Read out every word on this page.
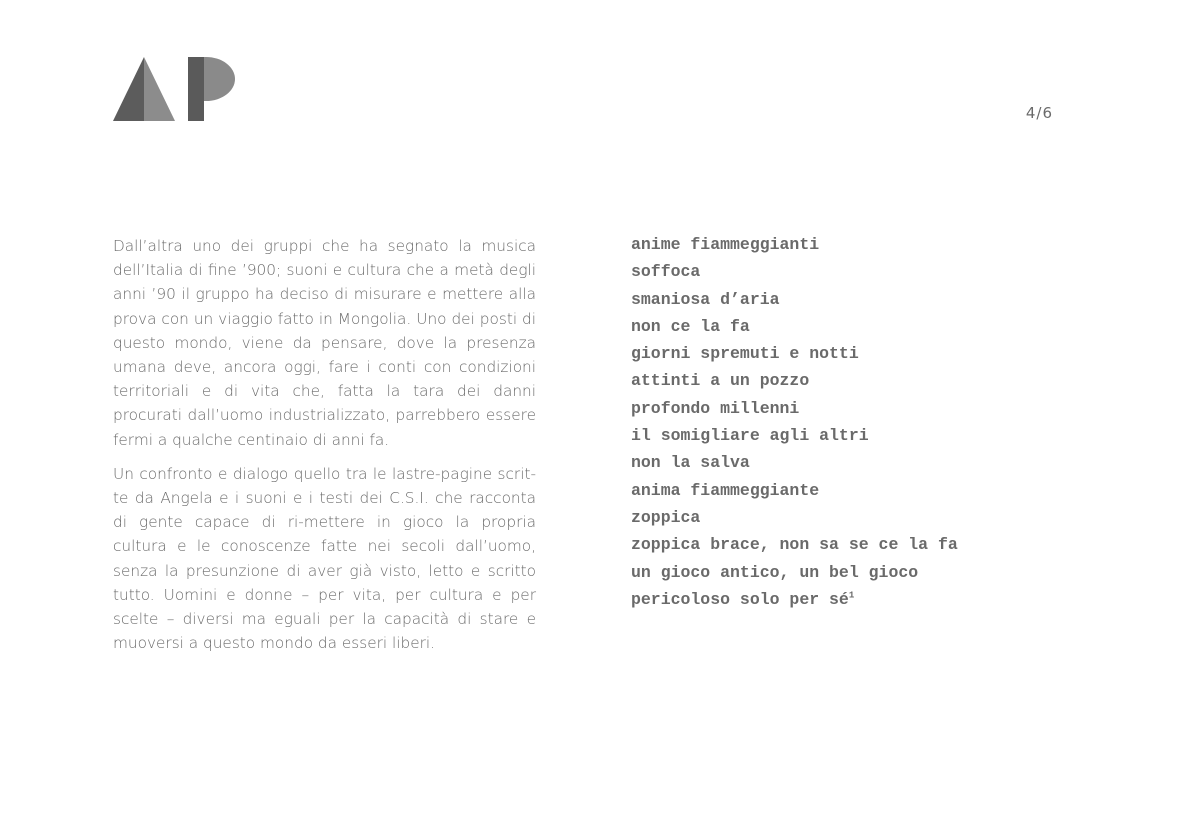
4/6

Dall’altra uno dei gruppi che ha segnato la musica dell’Italia di fine ’900; suoni e cultura che a metà degli anni ’90 il gruppo ha deciso di misurare e mettere alla prova con un viaggio fatto in Mongolia. Uno dei posti di questo mondo, viene da pensare, dove la presenza umana deve, ancora oggi, fare i conti con condizioni territoriali e di vita che, fatta la tara dei danni procurati dall’uomo industrializzato, parrebbero essere fermi a qualche centinaio di anni fa.

Un confronto e dialogo quello tra le lastre-pagine scritte da Angela e i suoni e i testi dei C.S.I. che racconta di gente capace di ri-mettere in gioco la propria cultura e le conoscenze fatte nei secoli dall’uomo, senza la presunzione di aver già visto, letto e scritto tutto. Uomini e donne – per vita, per cultura e per scelte – diversi ma eguali per la capacità di stare e muoversi a questo mondo da esseri liberi.

anime fiammeggianti
soffoca
smaniosa d’aria
non ce la fa
giorni spremuti e notti
attinti a un pozzo
profondo millenni
il somigliare agli altri
non la salva
anima fiammeggiante
zoppica
zoppica brace, non sa se ce la fa
un gioco antico, un bel gioco
pericoloso solo per $sé^1$
